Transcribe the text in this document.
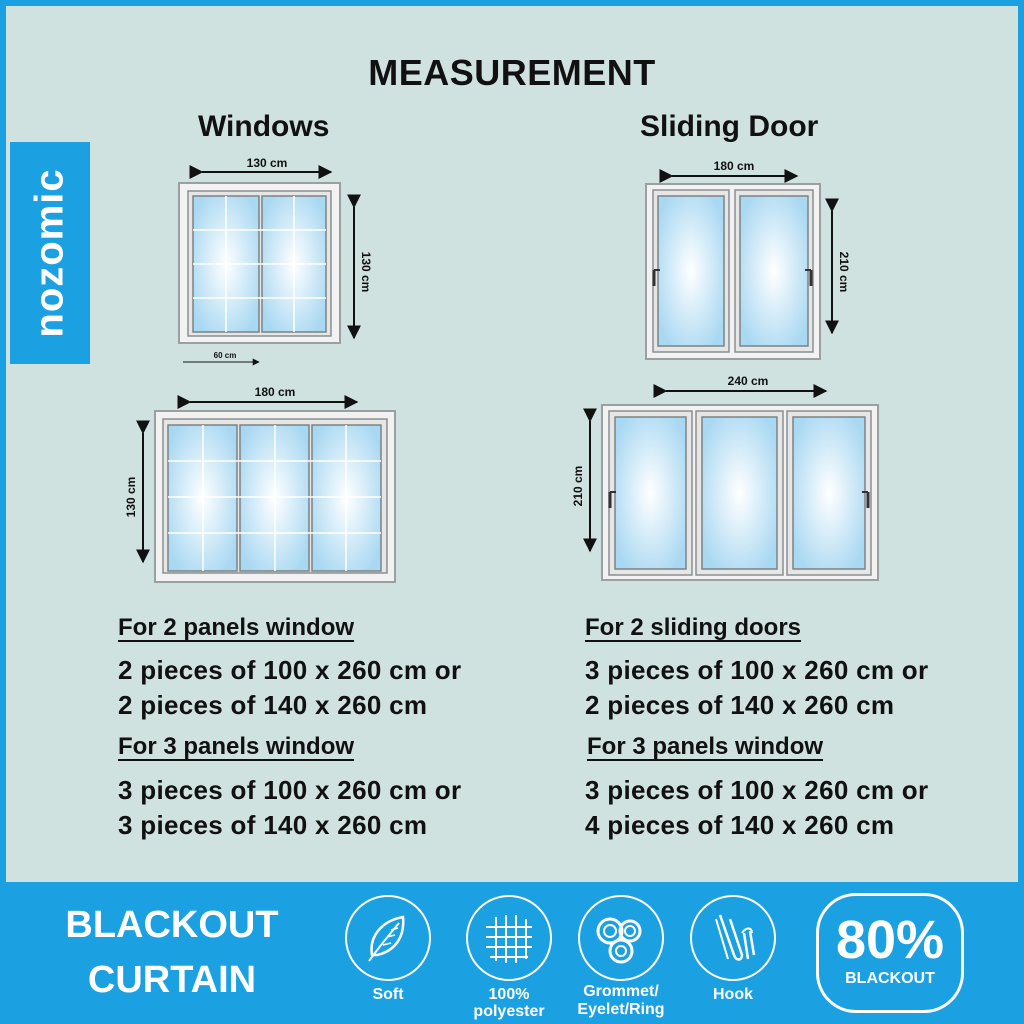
nozomic
MEASUREMENT
Windows	Sliding Door
130 cm
130 cm
60 cm
180 cm
130 cm
180 cm
210 cm
240 cm
210 cm
For 2 panels window
2 pieces of 100 x 260 cm or
2 pieces of 140 x 260 cm
For 3 panels window
3 pieces of 100 x 260 cm or
3 pieces of 140 x 260 cm
For 2 sliding doors
3 pieces of 100 x 260 cm or
2 pieces of 140 x 260 cm
For 3 panels window
3 pieces of 100 x 260 cm or
4 pieces of 140 x 260 cm
BLACKOUT
CURTAIN	Soft	100%
polyester
Grommet/
Eyelet/Ring
Hook
80%
BLACKOUT
